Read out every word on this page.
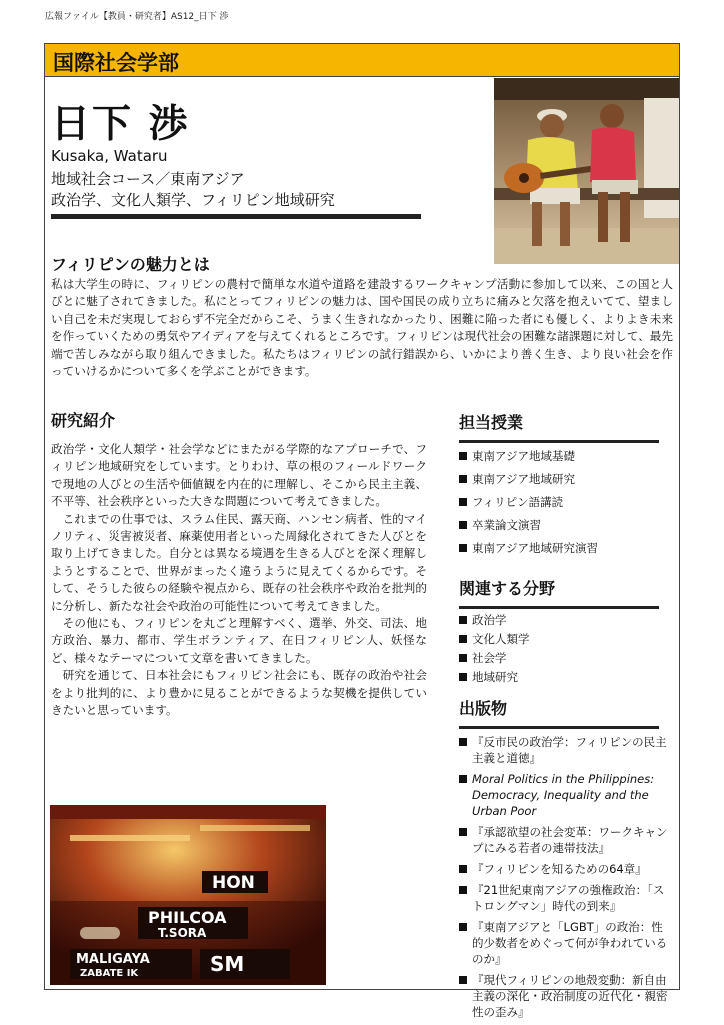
広報ファイル【教員・研究者】AS12_日下 渉
国際社会学部
日下 渉
Kusaka, Wataru
地域社会コース／東南アジア
政治学、文化人類学、フィリピン地域研究
フィリピンの魅力とは

私は大学生の時に、フィリピンの農村で簡単な水道や道路を建設するワークキャンプ活動に参加して以来、この国と人びとに魅了されてきました。私にとってフィリピンの魅力は、国や国民の成り立ちに痛みと欠落を抱えいてて、望ましい自己を未だ実現しておらず不完全だからこそ、うまく生きれなかったり、困難に陥った者にも優しく、よりよき未来を作っていくための勇気やアイディアを与えてくれるところです。フィリピンは現代社会の困難な諸課題に対して、最先端で苦しみながら取り組んできました。私たちはフィリピンの試行錯誤から、いかにより善く生き、より良い社会を作っていけるかについて多くを学ぶことができます。

研究紹介

政治学・文化人類学・社会学などにまたがる学際的なアプローチで、フィリピン地域研究をしています。とりわけ、草の根のフィールドワークで現地の人びとの生活や価値観を内在的に理解し、そこから民主主義、不平等、社会秩序といった大きな問題について考えてきました。

これまでの仕事では、スラム住民、露天商、ハンセン病者、性的マイノリティ、災害被災者、麻薬使用者といった周縁化されてきた人びとを取り上げてきました。自分とは異なる境遇を生きる人びとを深く理解しようとすることで、世界がまったく違うように見えてくるからです。そして、そうした彼らの経験や視点から、既存の社会秩序や政治を批判的に分析し、新たな社会や政治の可能性について考えてきました。

その他にも、フィリピンを丸ごと理解すべく、選挙、外交、司法、地方政治、暴力、都市、学生ボランティア、在日フィリピン人、妖怪など、様々なテーマについて文章を書いてきました。

研究を通じて、日本社会にもフィリピン社会にも、既存の政治や社会をより批判的に、より豊かに見ることができるような契機を提供していきたいと思っています。

HON
PHILCOA
T.SORA
MALIGAYA
ZABATE IK	SM
担当授業
東南アジア地域基礎
東南アジア地域研究
フィリピン語講読
卒業論文演習
東南アジア地域研究演習
関連する分野
政治学
文化人類学
社会学
地域研究
出版物
『反市民の政治学：フィリピンの民主主義と道徳』
Moral Politics in the Philippines: Democracy, Inequality and the Urban Poor
『承認欲望の社会変革：ワークキャンプにみる若者の連帯技法』
『フィリピンを知るための64章』
『21世紀東南アジアの強権政治：「ストロングマン」時代の到来』
『東南アジアと「LGBT」の政治：性的少数者をめぐって何が争われているのか』
『現代フィリピンの地殻変動：新自由主義の深化・政治制度の近代化・親密性の歪み』
